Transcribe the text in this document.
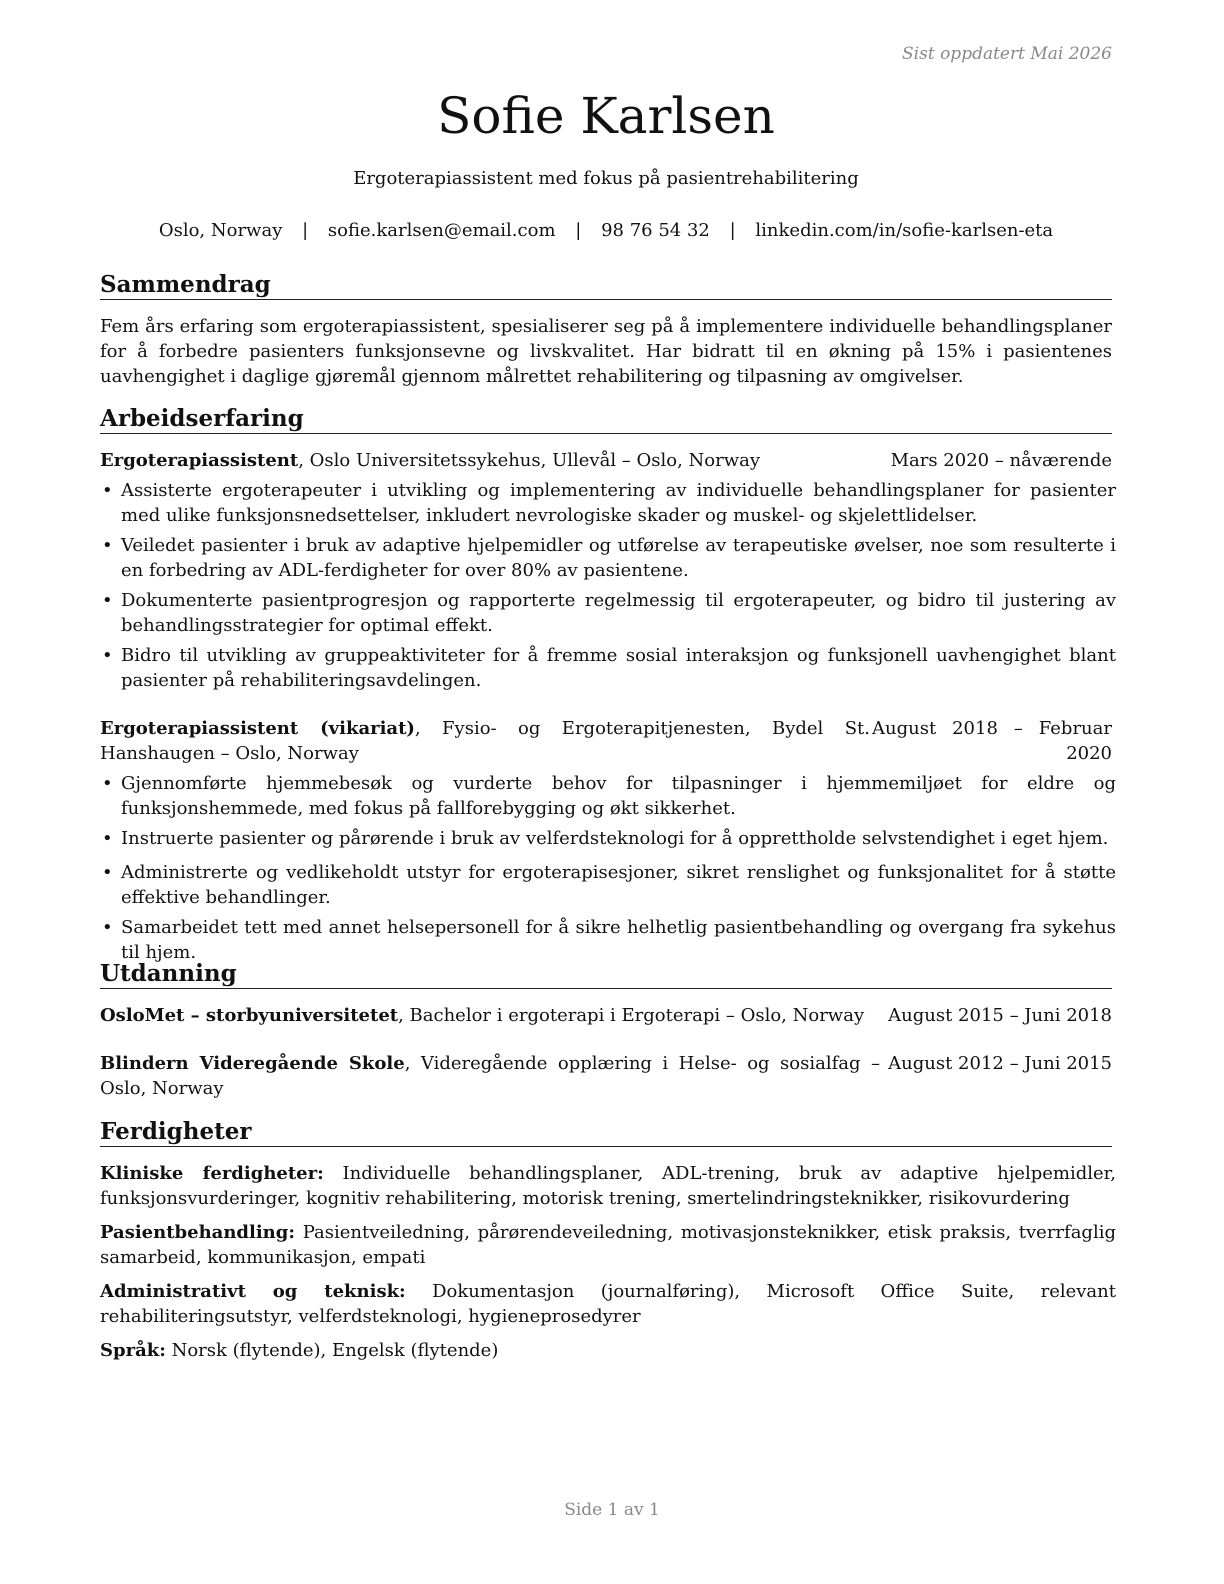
Sist oppdatert Mai 2026
Sofie Karlsen
Ergoterapiassistent med fokus på pasientrehabilitering
Oslo, Norway | sofie.karlsen@email.com | 98 76 54 32 | linkedin.com/in/sofie-karlsen-eta
Sammendrag
Fem års erfaring som ergoterapiassistent, spesialiserer seg på å implementere individuelle behandlingsplaner for å forbedre pasienters funksjonsevne og livskvalitet. Har bidratt til en økning på 15% i pasientenes uavhengighet i daglige gjøremål gjennom målrettet rehabilitering og tilpasning av omgivelser.
Arbeidserfaring
Ergoterapiassistent, Oslo Universitetssykehus, Ullevål – Oslo, Norway	Mars 2020 – nåværende
• Assisterte ergoterapeuter i utvikling og implementering av individuelle behandlingsplaner for pasienter med ulike funksjonsnedsettelser, inkludert nevrologiske skader og muskel- og skjelettlidelser.
• Veiledet pasienter i bruk av adaptive hjelpemidler og utførelse av terapeutiske øvelser, noe som resulterte i en forbedring av ADL-ferdigheter for over 80% av pasientene.
• Dokumenterte pasientprogresjon og rapporterte regelmessig til ergoterapeuter, og bidro til justering av behandlingsstrategier for optimal effekt.
• Bidro til utvikling av gruppeaktiviteter for å fremme sosial interaksjon og funksjonell uavhengighet blant pasienter på rehabiliteringsavdelingen.
Ergoterapiassistent (vikariat), Fysio- og Ergoterapitjenesten, Bydel St. Hanshaugen – Oslo, Norway
August 2018 – Februar
2020
• Gjennomførte hjemmebesøk og vurderte behov for tilpasninger i hjemmemiljøet for eldre og funksjonshemmede, med fokus på fallforebygging og økt sikkerhet.
• Instruerte pasienter og pårørende i bruk av velferdsteknologi for å opprettholde selvstendighet i eget hjem.
• Administrerte og vedlikeholdt utstyr for ergoterapisesjoner, sikret renslighet og funksjonalitet for å støtte effektive behandlinger.
• Samarbeidet tett med annet helsepersonell for å sikre helhetlig pasientbehandling og overgang fra sykehus til hjem.
Utdanning
OsloMet – storbyuniversitetet, Bachelor i ergoterapi i Ergoterapi – Oslo, Norway August 2015 – Juni 2018
Blindern Videregående Skole, Videregående opplæring i Helse- og sosialfag – Oslo, Norway
August 2012 – Juni 2015
Ferdigheter
Kliniske ferdigheter: Individuelle behandlingsplaner, ADL-trening, bruk av adaptive hjelpemidler, funksjonsvurderinger, kognitiv rehabilitering, motorisk trening, smertelindringsteknikker, risikovurdering
Pasientbehandling: Pasientveiledning, pårørendeveiledning, motivasjonsteknikker, etisk praksis, tverrfaglig samarbeid, kommunikasjon, empati
Administrativt og teknisk: Dokumentasjon (journalføring), Microsoft Office Suite, relevant rehabiliteringsutstyr, velferdsteknologi, hygieneprosedyrer
Språk: Norsk (flytende), Engelsk (flytende)
Side 1 av 1
